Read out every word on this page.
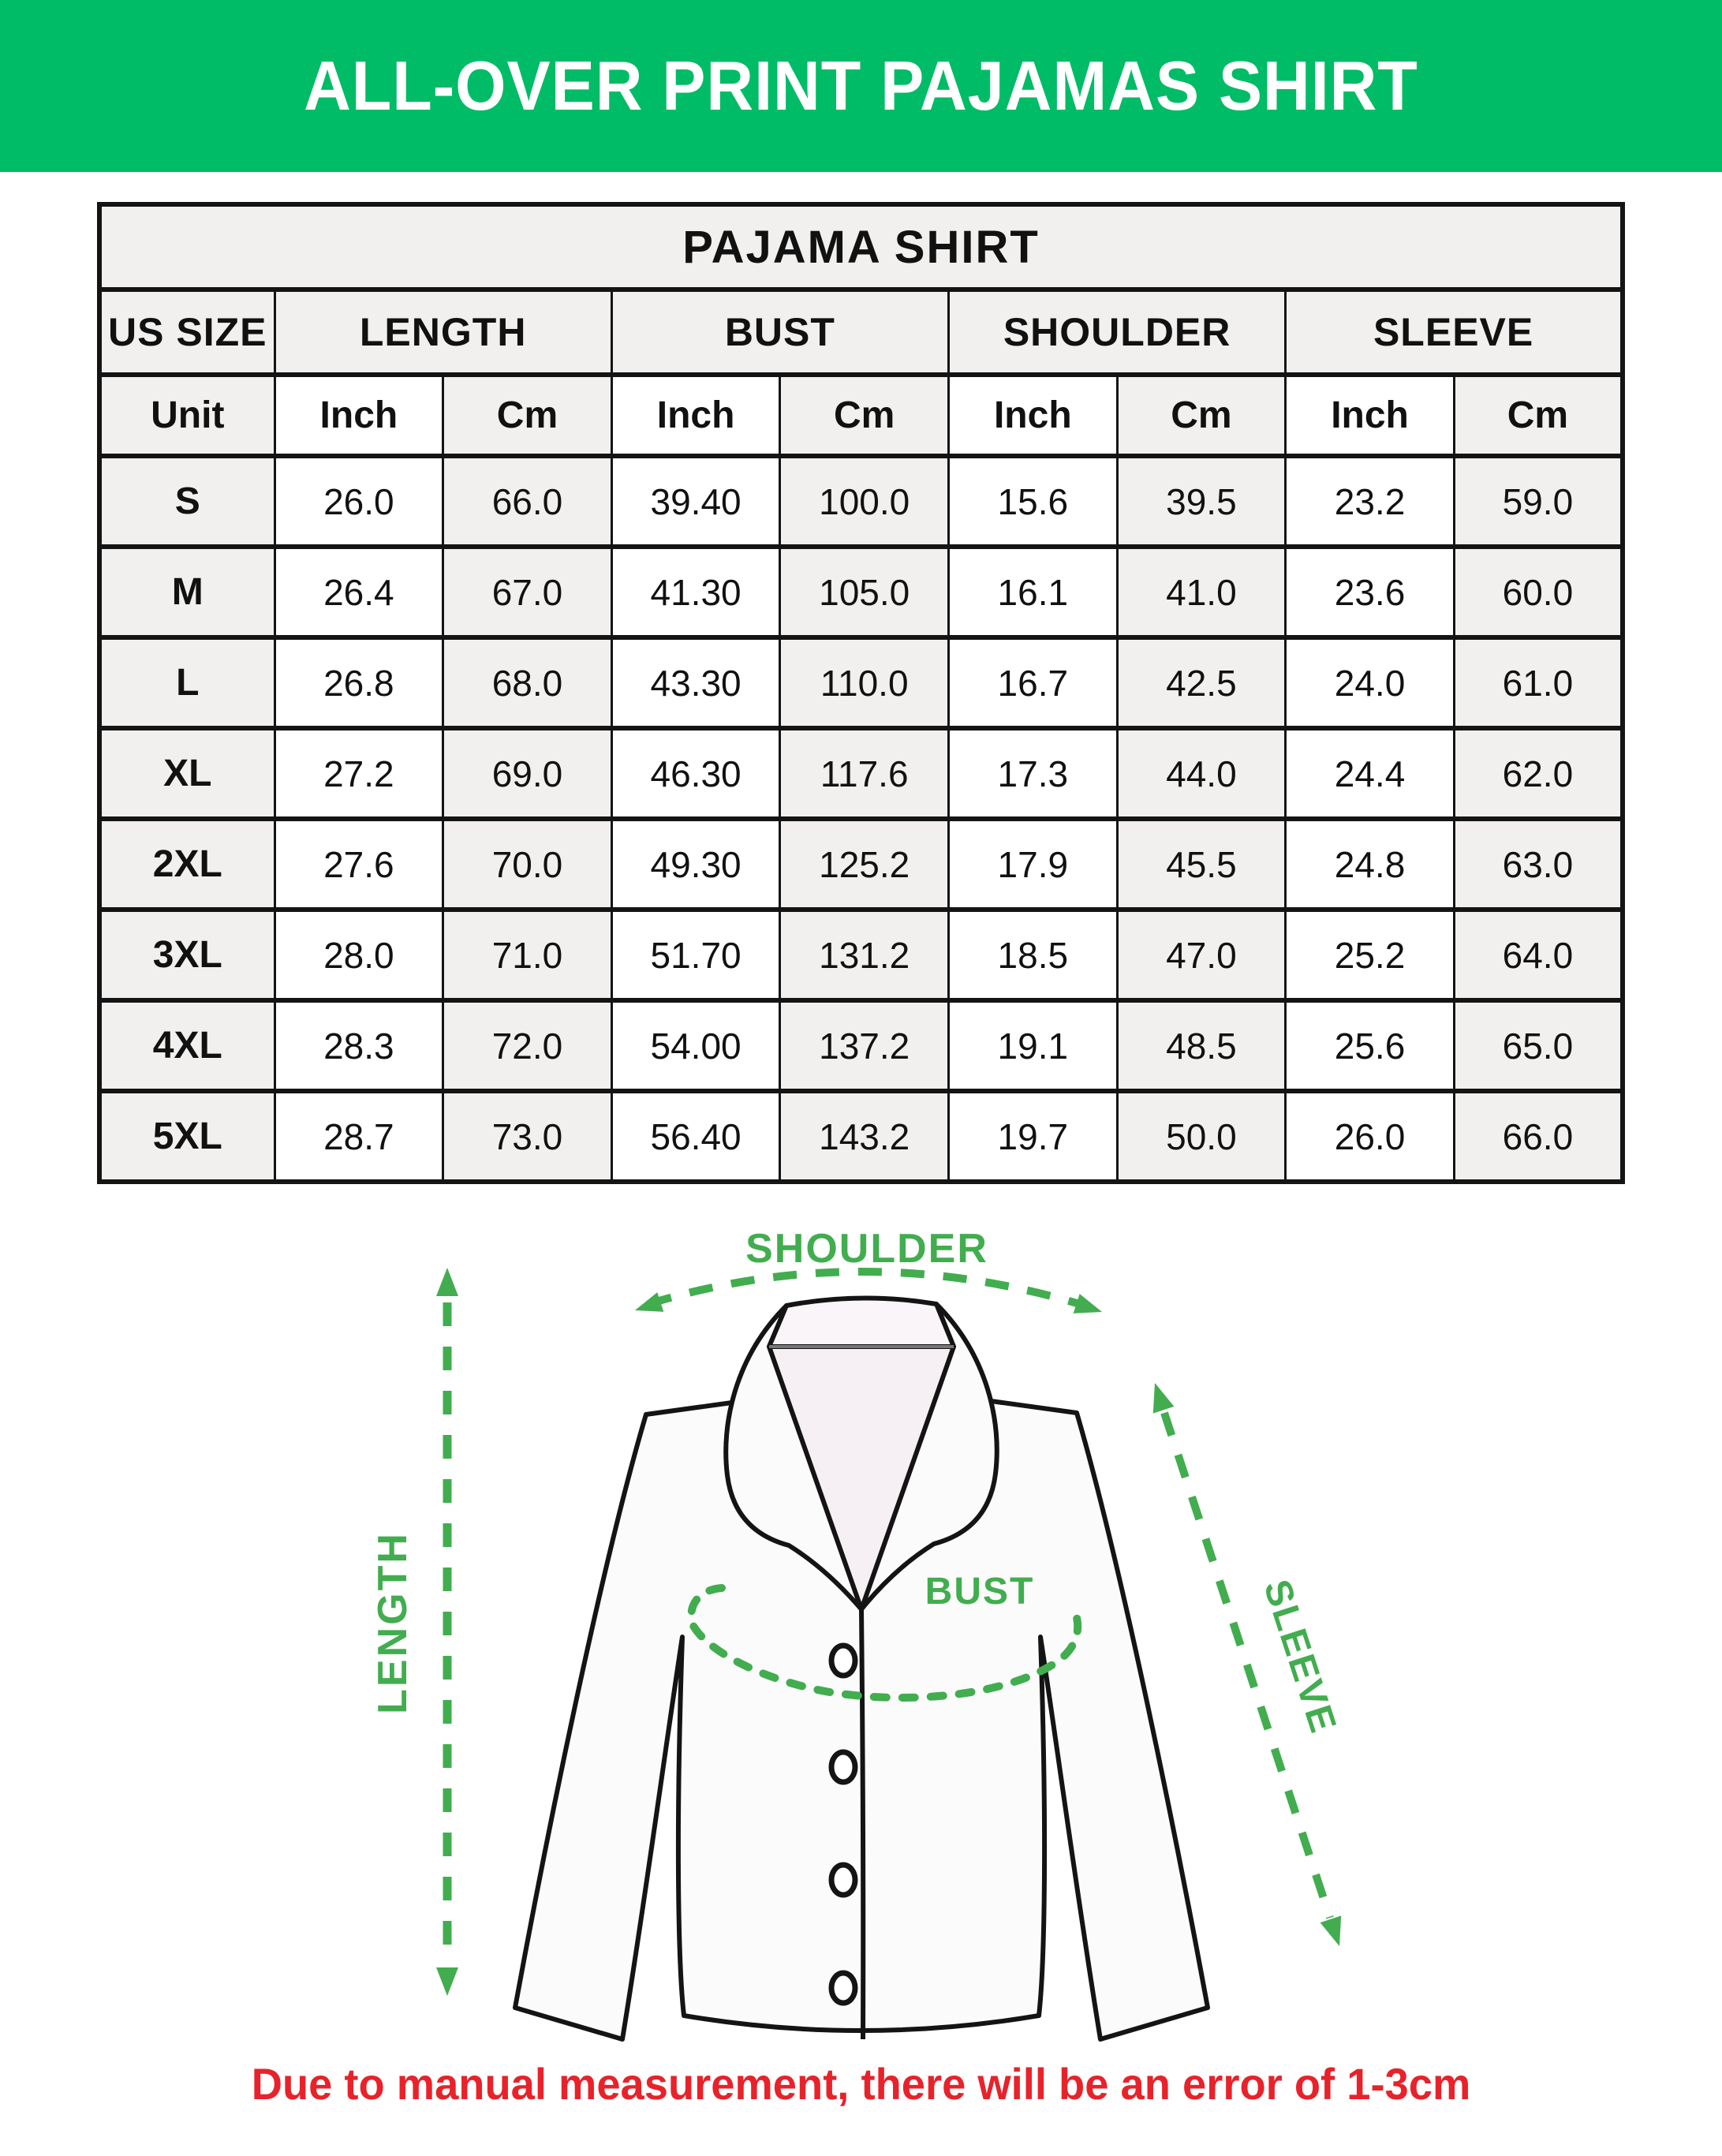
ALL-OVER PRINT PAJAMAS SHIRT
PAJAMA SHIRT								
US SIZE	LENGTH		BUST		SHOULDER		SLEEVE	
Unit	Inch	Cm	Inch	Cm	Inch	Cm	Inch	Cm
S	26.0	66.0	39.40	100.0	15.6	39.5	23.2	59.0
M	26.4	67.0	41.30	105.0	16.1	41.0	23.6	60.0
L	26.8	68.0	43.30	110.0	16.7	42.5	24.0	61.0
XL	27.2	69.0	46.30	117.6	17.3	44.0	24.4	62.0
2XL	27.6	70.0	49.30	125.2	17.9	45.5	24.8	63.0
3XL	28.0	71.0	51.70	131.2	18.5	47.0	25.2	64.0
4XL	28.3	72.0	54.00	137.2	19.1	48.5	25.6	65.0
5XL	28.7	73.0	56.40	143.2	19.7	50.0	26.0	66.0
LENGTH
SHOULDER
BUST	SLEEVE
Due to manual measurement, there will be an error of 1-3cm
